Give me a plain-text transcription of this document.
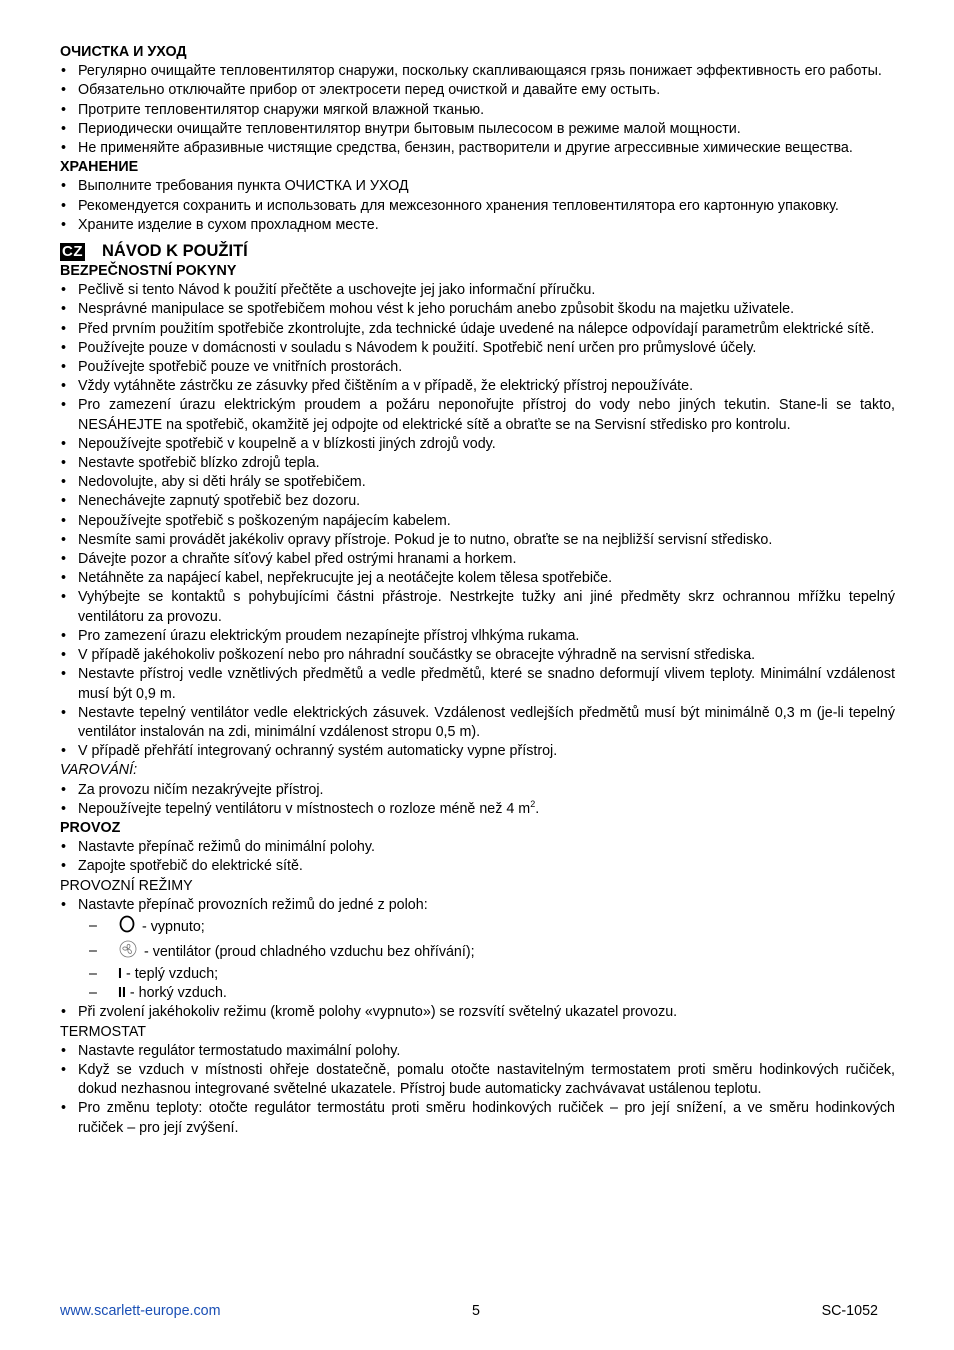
ОЧИСТКА И УХОД
• Регулярно очищайте тепловентилятор снаружи, поскольку скапливающаяся грязь понижает эффективность его работы.
• Обязательно отключайте прибор от электросети перед очисткой и давайте ему остыть.
• Протрите тепловентилятор снаружи мягкой влажной тканью.
• Периодически очищайте тепловентилятор внутри бытовым пылесосом в режиме малой мощности.
• Не применяйте абразивные чистящие средства, бензин, растворители и другие агрессивные химические вещества.
ХРАНЕНИЕ
• Выполните требования пункта ОЧИСТКА И УХОД
• Рекомендуется сохранить и использовать для межсезонного хранения тепловентилятора его картонную упаковку.
• Храните изделие в сухом прохладном месте.
CZ NÁVOD K POUŽITÍ
BEZPEČNOSTNÍ POKYNY
• Pečlivě si tento Návod k použití přečtěte a uschovejte jej jako informační příručku.
• Nesprávné manipulace se spotřebičem mohou vést k jeho poruchám anebo způsobit škodu na majetku uživatele.
• Před prvním použitím spotřebiče zkontrolujte, zda technické údaje uvedené na nálepce odpovídají parametrům elektrické sítě.
• Používejte pouze v domácnosti v souladu s Návodem k použití. Spotřebič není určen pro průmyslové účely.
• Používejte spotřebič pouze ve vnitřních prostorách.
• Vždy vytáhněte zástrčku ze zásuvky před čištěním a v případě, že elektrický přístroj nepoužíváte.
• Pro zamezení úrazu elektrickým proudem a požáru neponořujte přístroj do vody nebo jiných tekutin. Stane-li se takto, NESÁHEJTE na spotřebič, okamžitě jej odpojte od elektrické sítě a obraťte se na Servisní středisko pro kontrolu.
• Nepoužívejte spotřebič v koupelně a v blízkosti jiných zdrojů vody.
• Nestavte spotřebič blízko zdrojů tepla.
• Nedovolujte, aby si děti hrály se spotřebičem.
• Nenechávejte zapnutý spotřebič bez dozoru.
• Nepoužívejte spotřebič s poškozeným napájecím kabelem.
• Nesmíte sami provádět jakékoliv opravy přístroje. Pokud je to nutno, obraťte se na nejbližší servisní středisko.
• Dávejte pozor a chraňte síťový kabel před ostrými hranami a horkem.
• Netáhněte za napájecí kabel, nepřekrucujte jej a neotáčejte kolem tělesa spotřebiče.
• Vyhýbejte se kontaktů s pohybujícími částni přástroje. Nestrkejte tužky ani jiné předměty skrz ochrannou mřížku tepelný ventilátoru za provozu.
• Pro zamezení úrazu elektrickým proudem nezapínejte přístroj vlhkýma rukama.
• V případě jakéhokoliv poškození nebo pro náhradní součástky se obracejte výhradně na servisní střediska.
• Nestavte přístroj vedle vznětlivých předmětů a vedle předmětů, které se snadno deformují vlivem teploty. Minimální vzdálenost musí být 0,9 m.
• Nestavte tepelný ventilátor vedle elektrických zásuvek. Vzdálenost vedlejších předmětů musí být minimálně 0,3 m (je-li tepelný ventilátor instalován na zdi, minimální vzdálenost stropu 0,5 m).
• V případě přehřátí integrovaný ochranný systém automaticky vypne přístroj.
VAROVÁNÍ:
• Za provozu ničím nezakrývejte přístroj.
• Nepoužívejte tepelný ventilátoru v místnostech o rozloze méně než 4 $m^2$.
PROVOZ
• Nastavte přepínač režimů do minimální polohy.
• Zapojte spotřebič do elektrické sítě.
PROVOZNÍ REŽIMY
• Nastavte přepínač provozních režimů do jedné z poloh:
–	- vypnuto;
–	- ventilátor (proud chladného vzduchu bez ohřívání);
– I - teplý vzduch;
– II - horký vzduch.
• Při zvolení jakéhokoliv režimu (kromě polohy «vypnuto») se rozsvítí světelný ukazatel provozu.
TERMOSTAT
• Nastavte regulátor termostatudo maximální polohy.
• Když se vzduch v místnosti ohřeje dostatečně, pomalu otočte nastavitelným termostatem proti směru hodinkových ručiček, dokud nezhasnou integrované světelné ukazatele. Přístroj bude automaticky zachvávavat ustálenou teplotu.
• Pro změnu teploty: otočte regulátor termostátu proti směru hodinkových ručiček – pro její snížení, a ve směru hodinkových ručiček – pro její zvýšení.
www.scarlett-europe.com	5	SC-1052
